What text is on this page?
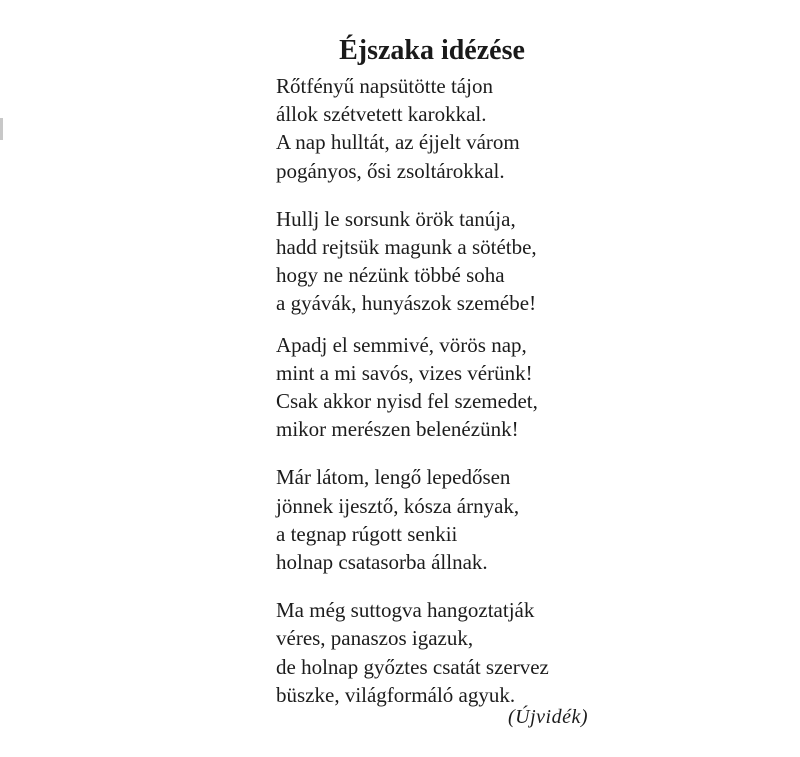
Éjszaka idézése

Rőtfényű napsütötte tájon
állok szétvetett karokkal.
A nap hulltát, az éjjelt várom
pogányos, ősi zsoltárokkal.

Hullj le sorsunk örök tanúja,
hadd rejtsük magunk a sötétbe,
hogy ne nézünk többé soha
a gyávák, hunyászok szemébe!

Apadj el semmivé, vörös nap,
mint a mi savós, vizes vérünk!
Csak akkor nyisd fel szemedet,
mikor merészen belenézünk!

Már látom, lengő lepedősen
jönnek ijesztő, kósza árnyak,
a tegnap rúgott senkii
holnap csatasorba állnak.

Ma még suttogva hangoztatják
véres, panaszos igazuk,
de holnap győztes csatát szervez
büszke, világformáló agyuk.

(Újvidék)
